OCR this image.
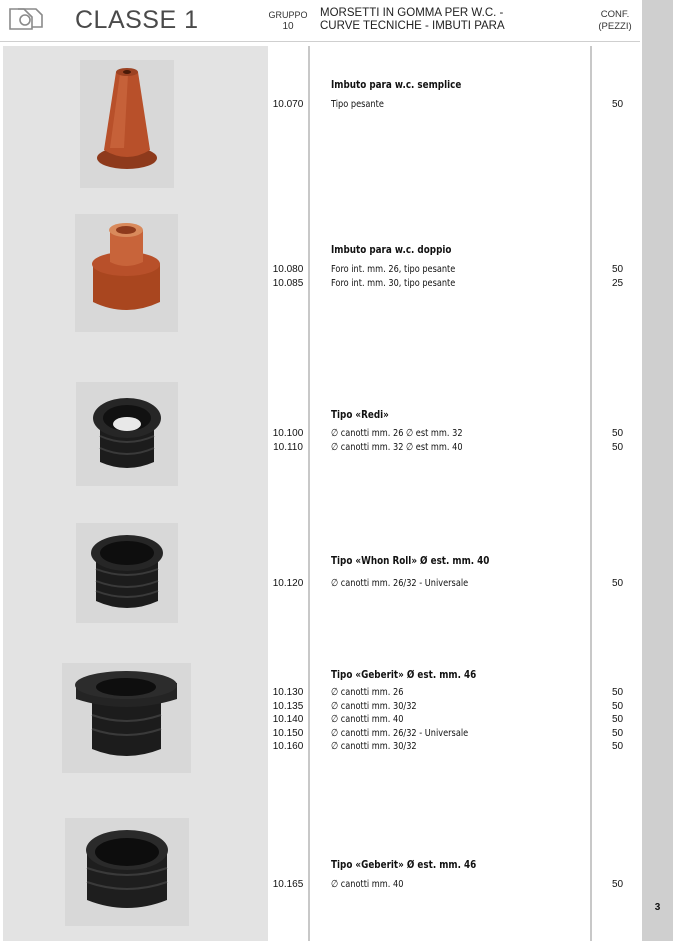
CLASSE 1	GRUPPO
10
MORSETTI IN GOMMA PER W.C. -
CURVE TECNICHE - IMBUTI PARA
CONF.
(PEZZI)
3
Imbuto para w.c. semplice
10.070	Tipo pesante	50
Imbuto para w.c. doppio
10.080	Foro int. mm. 26, tipo pesante	50
10.085	Foro int. mm. 30, tipo pesante	25
Tipo «Redi»
10.100	∅ canotti mm. 26 ∅ est mm. 32	50
10.110	∅ canotti mm. 32 ∅ est mm. 40	50
Tipo «Whon Roll» Ø est. mm. 40
10.120	∅ canotti mm. 26/32 - Universale	50
Tipo «Geberit» Ø est. mm. 46
10.130	∅ canotti mm. 26	50
10.135	∅ canotti mm. 30/32	50
10.140	∅ canotti mm. 40	50
10.150	∅ canotti mm. 26/32 - Universale	50
10.160	∅ canotti mm. 30/32	50
Tipo «Geberit» Ø est. mm. 46
10.165	∅ canotti mm. 40	50
